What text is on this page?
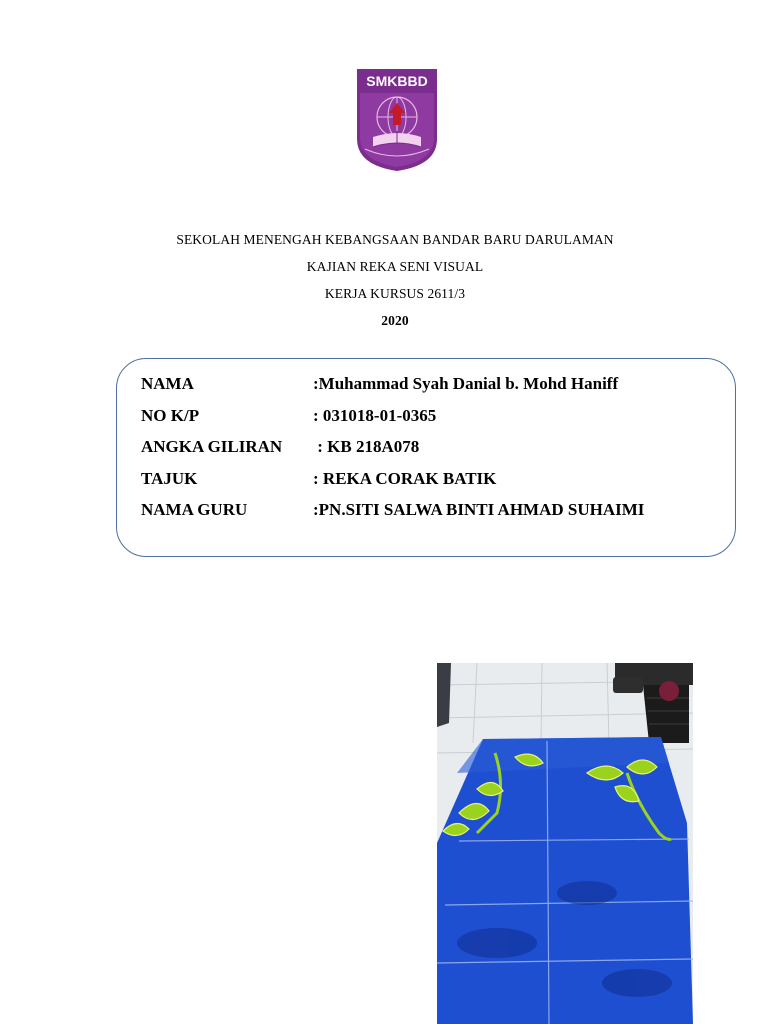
SMKBBD
SEKOLAH MENENGAH KEBANGSAAN BANDAR BARU DARULAMAN
KAJIAN REKA SENI VISUAL
KERJA KURSUS 2611/3
2020
NAMA	:Muhammad Syah Danial b. Mohd Haniff
NO K/P	: 031018-01-0365
ANGKA GILIRAN : KB 218A078
TAJUK	: REKA CORAK BATIK
NAMA GURU	:PN.SITI SALWA BINTI AHMAD SUHAIMI
